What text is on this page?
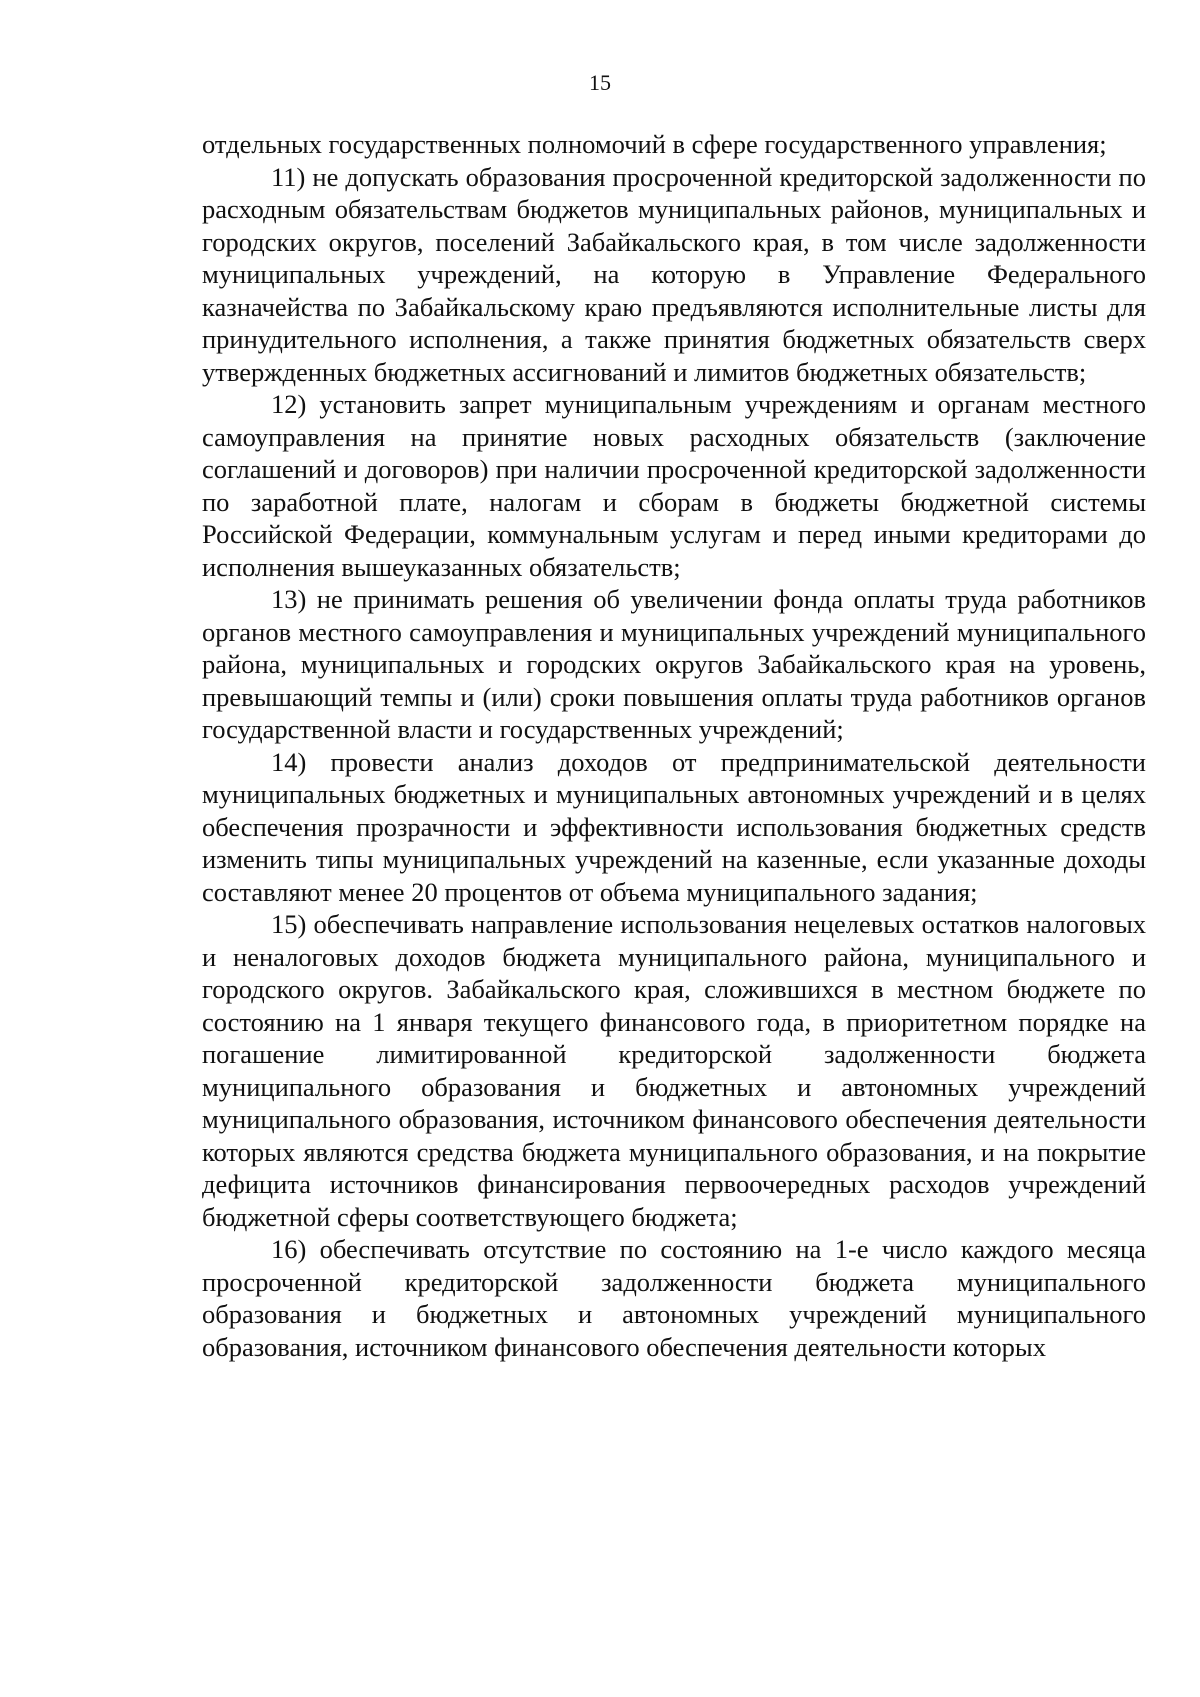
15

отдельных государственных полномочий в сфере государственного управления;

11) не допускать образования просроченной кредиторской задолженности по расходным обязательствам бюджетов муниципальных районов, муниципальных и городских округов, поселений Забайкальского края, в том числе задолженности муниципальных учреждений, на которую в Управление Федерального казначейства по Забайкальскому краю предъявляются исполнительные листы для принудительного исполнения, а также принятия бюджетных обязательств сверх утвержденных бюджетных ассигнований и лимитов бюджетных обязательств;

12) установить запрет муниципальным учреждениям и органам местного самоуправления на принятие новых расходных обязательств (заключение соглашений и договоров) при наличии просроченной кредиторской задолженности по заработной плате, налогам и сборам в бюджеты бюджетной системы Российской Федерации, коммунальным услугам и перед иными кредиторами до исполнения вышеуказанных обязательств;

13) не принимать решения об увеличении фонда оплаты труда работников органов местного самоуправления и муниципальных учреждений муниципального района, муниципальных и городских округов Забайкальского края на уровень, превышающий темпы и (или) сроки повышения оплаты труда работников органов государственной власти и государственных учреждений;

14) провести анализ доходов от предпринимательской деятельности муниципальных бюджетных и муниципальных автономных учреждений и в целях обеспечения прозрачности и эффективности использования бюджетных средств изменить типы муниципальных учреждений на казенные, если указанные доходы составляют менее 20 процентов от объема муниципального задания;

15) обеспечивать направление использования нецелевых остатков налоговых и неналоговых доходов бюджета муниципального района, муниципального и городского округов. Забайкальского края, сложившихся в местном бюджете по состоянию на 1 января текущего финансового года, в приоритетном порядке на погашение лимитированной кредиторской задолженности бюджета муниципального образования и бюджетных и автономных учреждений муниципального образования, источником финансового обеспечения деятельности которых являются средства бюджета муниципального образования, и на покрытие дефицита источников финансирования первоочередных расходов учреждений бюджетной сферы соответствующего бюджета;

16) обеспечивать отсутствие по состоянию на 1-е число каждого месяца просроченной кредиторской задолженности бюджета муниципального образования и бюджетных и автономных учреждений муниципального образования, источником финансового обеспечения деятельности которых
